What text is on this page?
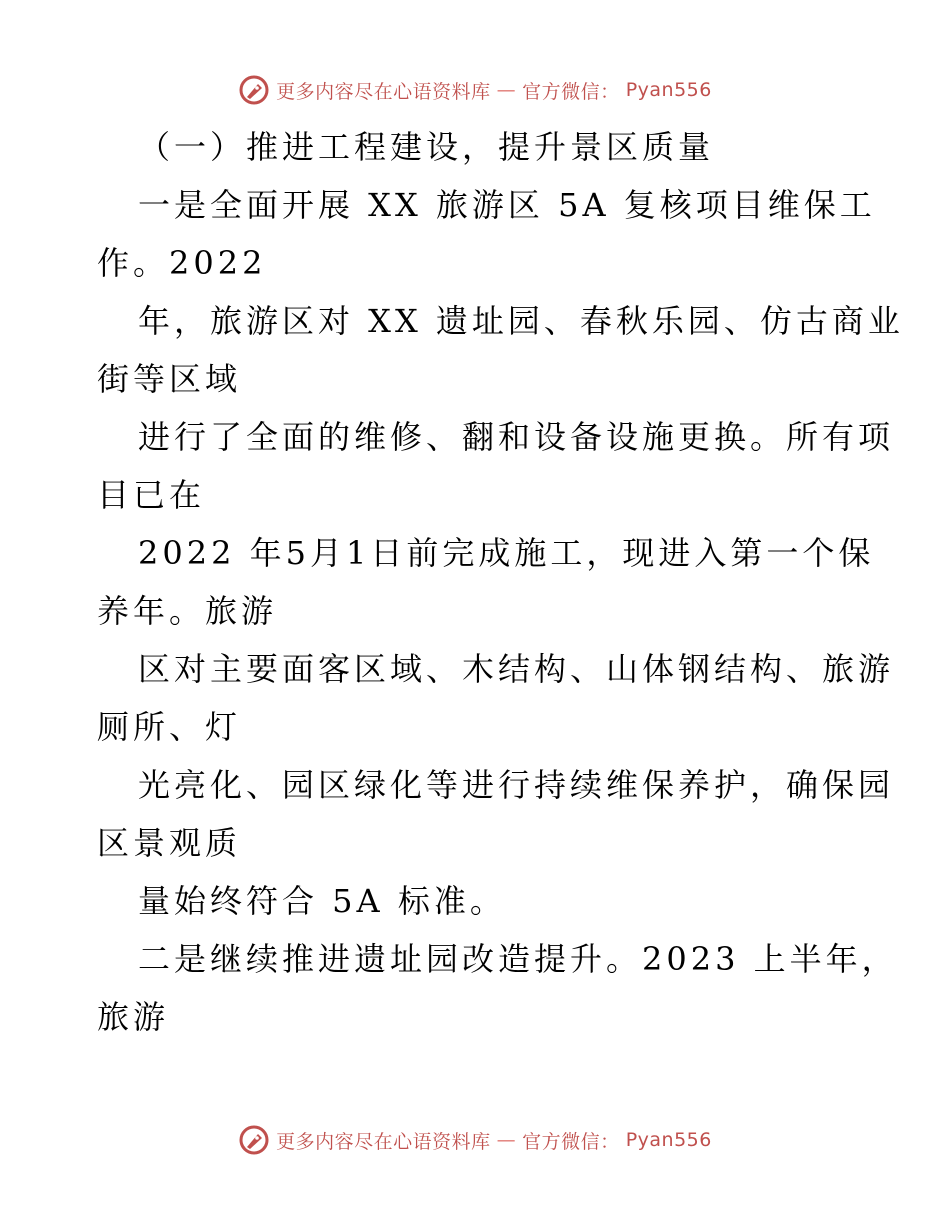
更多内容尽在心语资料库 — 官方微信： Pyan556
（一）推进工程建设，提升景区质量
一是全面开展 XX 旅游区 5A 复核项目维保工
作。2022
年，旅游区对 XX 遗址园、春秋乐园、仿古商业
街等区域
进行了全面的维修、翻和设备设施更换。所有项
目已在
2022 年5月1日前完成施工，现进入第一个保
养年。旅游
区对主要面客区域、木结构、山体钢结构、旅游
厕所、灯
光亮化、园区绿化等进行持续维保养护，确保园
区景观质
量始终符合 5A 标准。
二是继续推进遗址园改造提升。2023 上半年，
旅游
更多内容尽在心语资料库 — 官方微信： Pyan556
